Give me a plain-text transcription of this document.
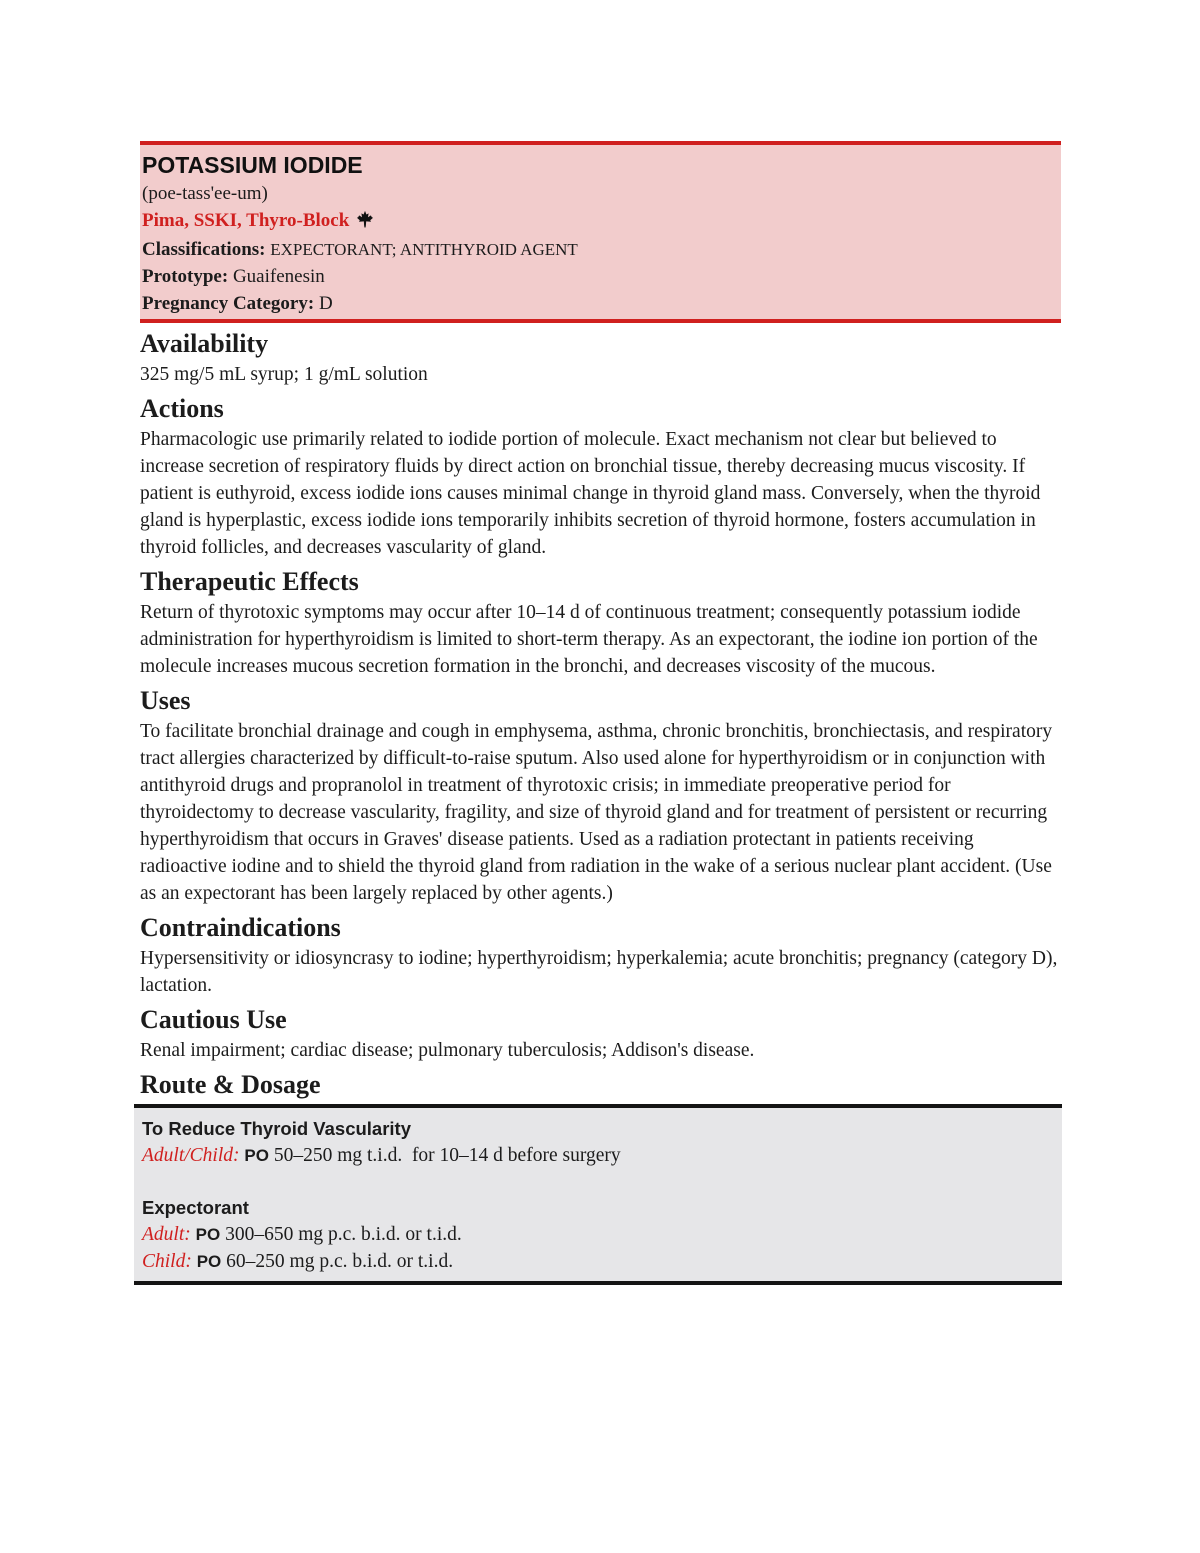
POTASSIUM IODIDE
(poe-tass'ee-um)
Pima, SSKI, Thyro-Block
Classifications: EXPECTORANT; ANTITHYROID AGENT
Prototype: Guaifenesin
Pregnancy Category: D
Availability
325 mg/5 mL syrup; 1 g/mL solution
Actions
Pharmacologic use primarily related to iodide portion of molecule. Exact mechanism not clear but believed to increase secretion of respiratory fluids by direct action on bronchial tissue, thereby decreasing mucus viscosity. If patient is euthyroid, excess iodide ions causes minimal change in thyroid gland mass. Conversely, when the thyroid gland is hyperplastic, excess iodide ions temporarily inhibits secretion of thyroid hormone, fosters accumulation in thyroid follicles, and decreases vascularity of gland.
Therapeutic Effects
Return of thyrotoxic symptoms may occur after 10–14 d of continuous treatment; consequently potassium iodide administration for hyperthyroidism is limited to short-term therapy. As an expectorant, the iodine ion portion of the molecule increases mucous secretion formation in the bronchi, and decreases viscosity of the mucous.
Uses
To facilitate bronchial drainage and cough in emphysema, asthma, chronic bronchitis, bronchiectasis, and respiratory tract allergies characterized by difficult-to-raise sputum. Also used alone for hyperthyroidism or in conjunction with antithyroid drugs and propranolol in treatment of thyrotoxic crisis; in immediate preoperative period for thyroidectomy to decrease vascularity, fragility, and size of thyroid gland and for treatment of persistent or recurring hyperthyroidism that occurs in Graves' disease patients. Used as a radiation protectant in patients receiving radioactive iodine and to shield the thyroid gland from radiation in the wake of a serious nuclear plant accident. (Use as an expectorant has been largely replaced by other agents.)
Contraindications
Hypersensitivity or idiosyncrasy to iodine; hyperthyroidism; hyperkalemia; acute bronchitis; pregnancy (category D), lactation.
Cautious Use
Renal impairment; cardiac disease; pulmonary tuberculosis; Addison's disease.
Route & Dosage
To Reduce Thyroid Vascularity
Adult/Child: PO 50–250 mg t.i.d.  for 10–14 d before surgery
Expectorant
Adult: PO 300–650 mg p.c. b.i.d. or t.i.d.
Child: PO 60–250 mg p.c. b.i.d. or t.i.d.
